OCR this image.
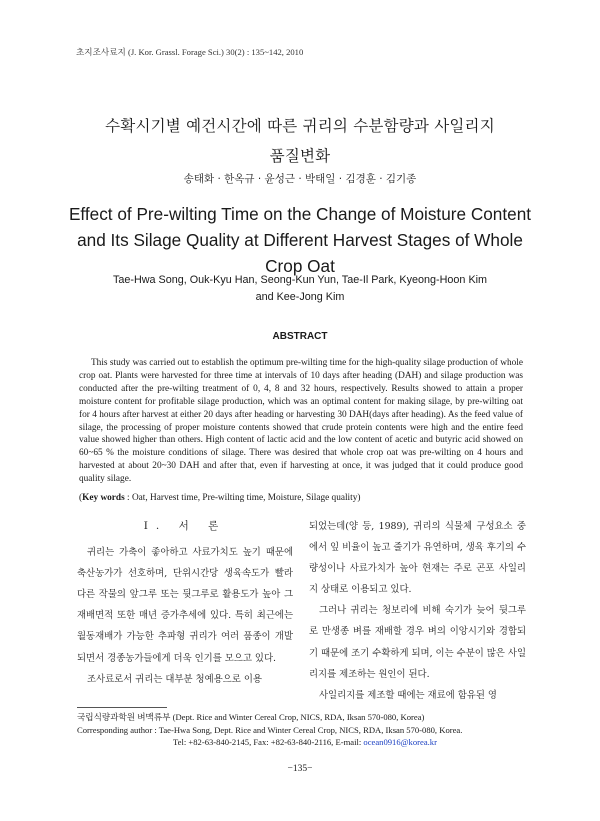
초지조사료지 (J. Kor. Grassl. Forage Sci.) 30(2) : 135~142, 2010
수확시기별 예건시간에 따른 귀리의 수분함량과 사일리지
품질변화
송태화 · 한옥규 · 윤성근 · 박태일 · 김경훈 · 김기종
Effect of Pre-wilting Time on the Change of Moisture Content
and Its Silage Quality at Different Harvest Stages of Whole
Crop Oat
Tae-Hwa Song, Ouk-Kyu Han, Seong-Kun Yun, Tae-Il Park, Kyeong-Hoon Kim
and Kee-Jong Kim
ABSTRACT

This study was carried out to establish the optimum pre-wilting time for the high-quality silage production of whole crop oat. Plants were harvested for three time at intervals of 10 days after heading (DAH) and silage production was conducted after the pre-wilting treatment of 0, 4, 8 and 32 hours, respectively. Results showed to attain a proper moisture content for profitable silage production, which was an optimal content for making silage, by pre-wilting oat for 4 hours after harvest at either 20 days after heading or harvesting 30 DAH(days after heading). As the feed value of silage, the processing of proper moisture contents showed that crude protein contents were high and the entire feed value showed higher than others. High content of lactic acid and the low content of acetic and butyric acid showed on 60~65 % the moisture conditions of silage. There was desired that whole crop oat was pre-wilting on 4 hours and harvested at about 20~30 DAH and after that, even if harvesting at once, it was judged that it could produce good quality silage.

(Key words : Oat, Harvest time, Pre-wilting time, Moisture, Silage quality)
Ⅰ. 서 론

귀리는 가축이 좋아하고 사료가치도 높기 때문에 축산농가가 선호하며, 단위시간당 생육속도가 빨라 다른 작물의 앞그루 또는 뒷그루로 활용도가 높아 그 재배면적 또한 매년 증가추세에 있다. 특히 최근에는 월동재배가 가능한 추파형 귀리가 여러 품종이 개발되면서 경종농가들에게 더욱 인기를 모으고 있다.

조사료로서 귀리는 대부분 청예용으로 이용

되었는데(양 등, 1989), 귀리의 식물체 구성요소 중에서 잎 비율이 높고 줄기가 유연하며, 생육 후기의 수량성이나 사료가치가 높아 현재는 주로 곤포 사일리지 상태로 이용되고 있다.

그러나 귀리는 청보리에 비해 숙기가 늦어 뒷그루로 만생종 벼를 재배할 경우 벼의 이앙시기와 경합되기 때문에 조기 수확하게 되며, 이는 수분이 많은 사일리지를 제조하는 원인이 된다.

사일리지를 제조할 때에는 재료에 함유된 영

국립식량과학원 벼맥류부 (Dept. Rice and Winter Cereal Crop, NICS, RDA, Iksan 570-080, Korea)
Corresponding author : Tae-Hwa Song, Dept. Rice and Winter Cereal Crop, NICS, RDA, Iksan 570-080, Korea.
Tel: +82-63-840-2145, Fax: +82-63-840-2116, E-mail: ocean0916@korea.kr
−135−
